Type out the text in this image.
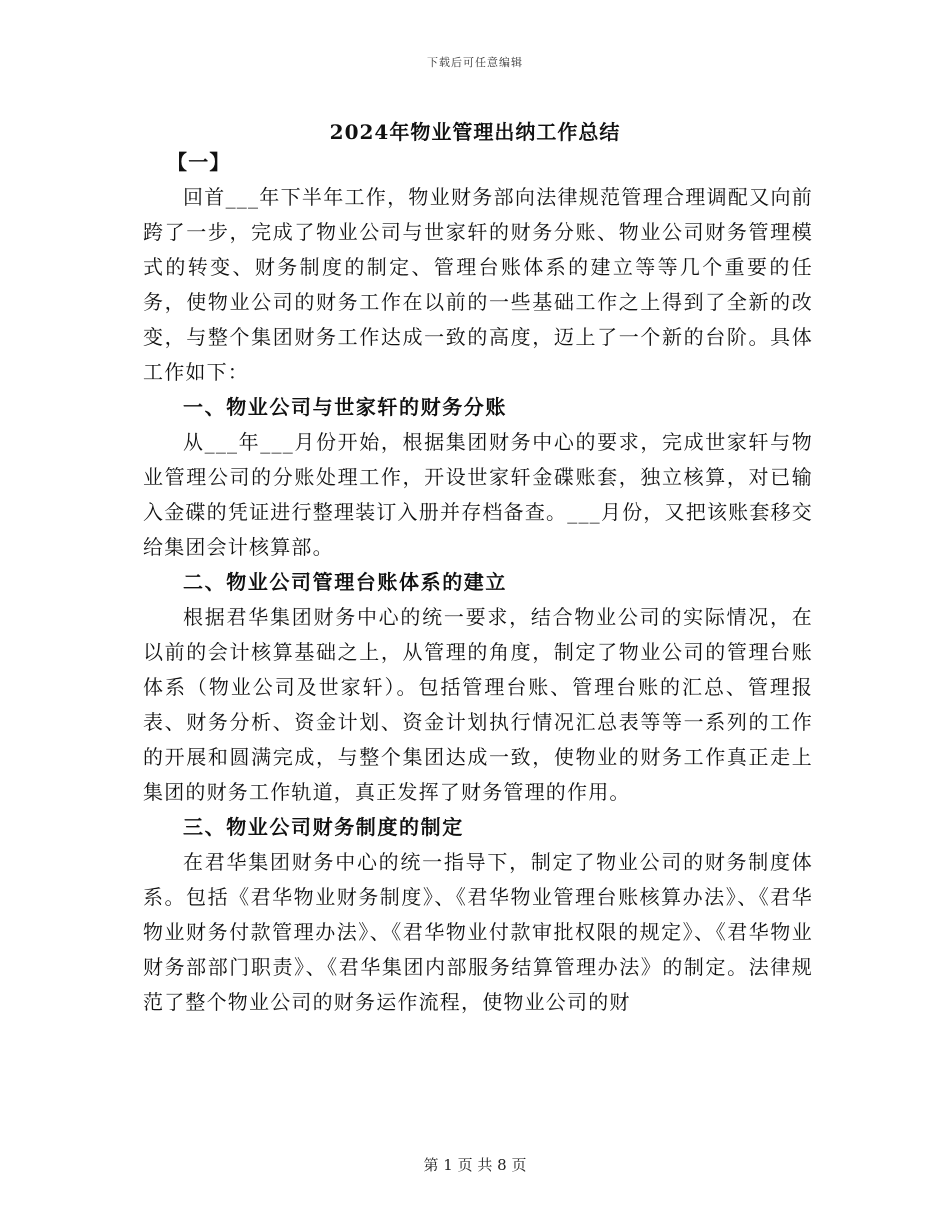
下载后可任意编辑
2024年物业管理出纳工作总结

【一】

回首___年下半年工作，物业财务部向法律规范管理合理调配又向前跨了一步，完成了物业公司与世家轩的财务分账、物业公司财务管理模式的转变、财务制度的制定、管理台账体系的建立等等几个重要的任务，使物业公司的财务工作在以前的一些基础工作之上得到了全新的改变，与整个集团财务工作达成一致的高度，迈上了一个新的台阶。具体工作如下：

一、物业公司与世家轩的财务分账

从___年___月份开始，根据集团财务中心的要求，完成世家轩与物业管理公司的分账处理工作，开设世家轩金碟账套，独立核算，对已输入金碟的凭证进行整理装订入册并存档备查。___月份，又把该账套移交给集团会计核算部。

二、物业公司管理台账体系的建立

根据君华集团财务中心的统一要求，结合物业公司的实际情况，在以前的会计核算基础之上，从管理的角度，制定了物业公司的管理台账体系（物业公司及世家轩）。包括管理台账、管理台账的汇总、管理报表、财务分析、资金计划、资金计划执行情况汇总表等等一系列的工作的开展和圆满完成，与整个集团达成一致，使物业的财务工作真正走上集团的财务工作轨道，真正发挥了财务管理的作用。

三、物业公司财务制度的制定

在君华集团财务中心的统一指导下，制定了物业公司的财务制度体系。包括《君华物业财务制度》、《君华物业管理台账核算办法》、《君华物业财务付款管理办法》、《君华物业付款审批权限的规定》、《君华物业财务部部门职责》、《君华集团内部服务结算管理办法》的制定。法律规范了整个物业公司的财务运作流程，使物业公司的财

第 1 页 共 8 页
